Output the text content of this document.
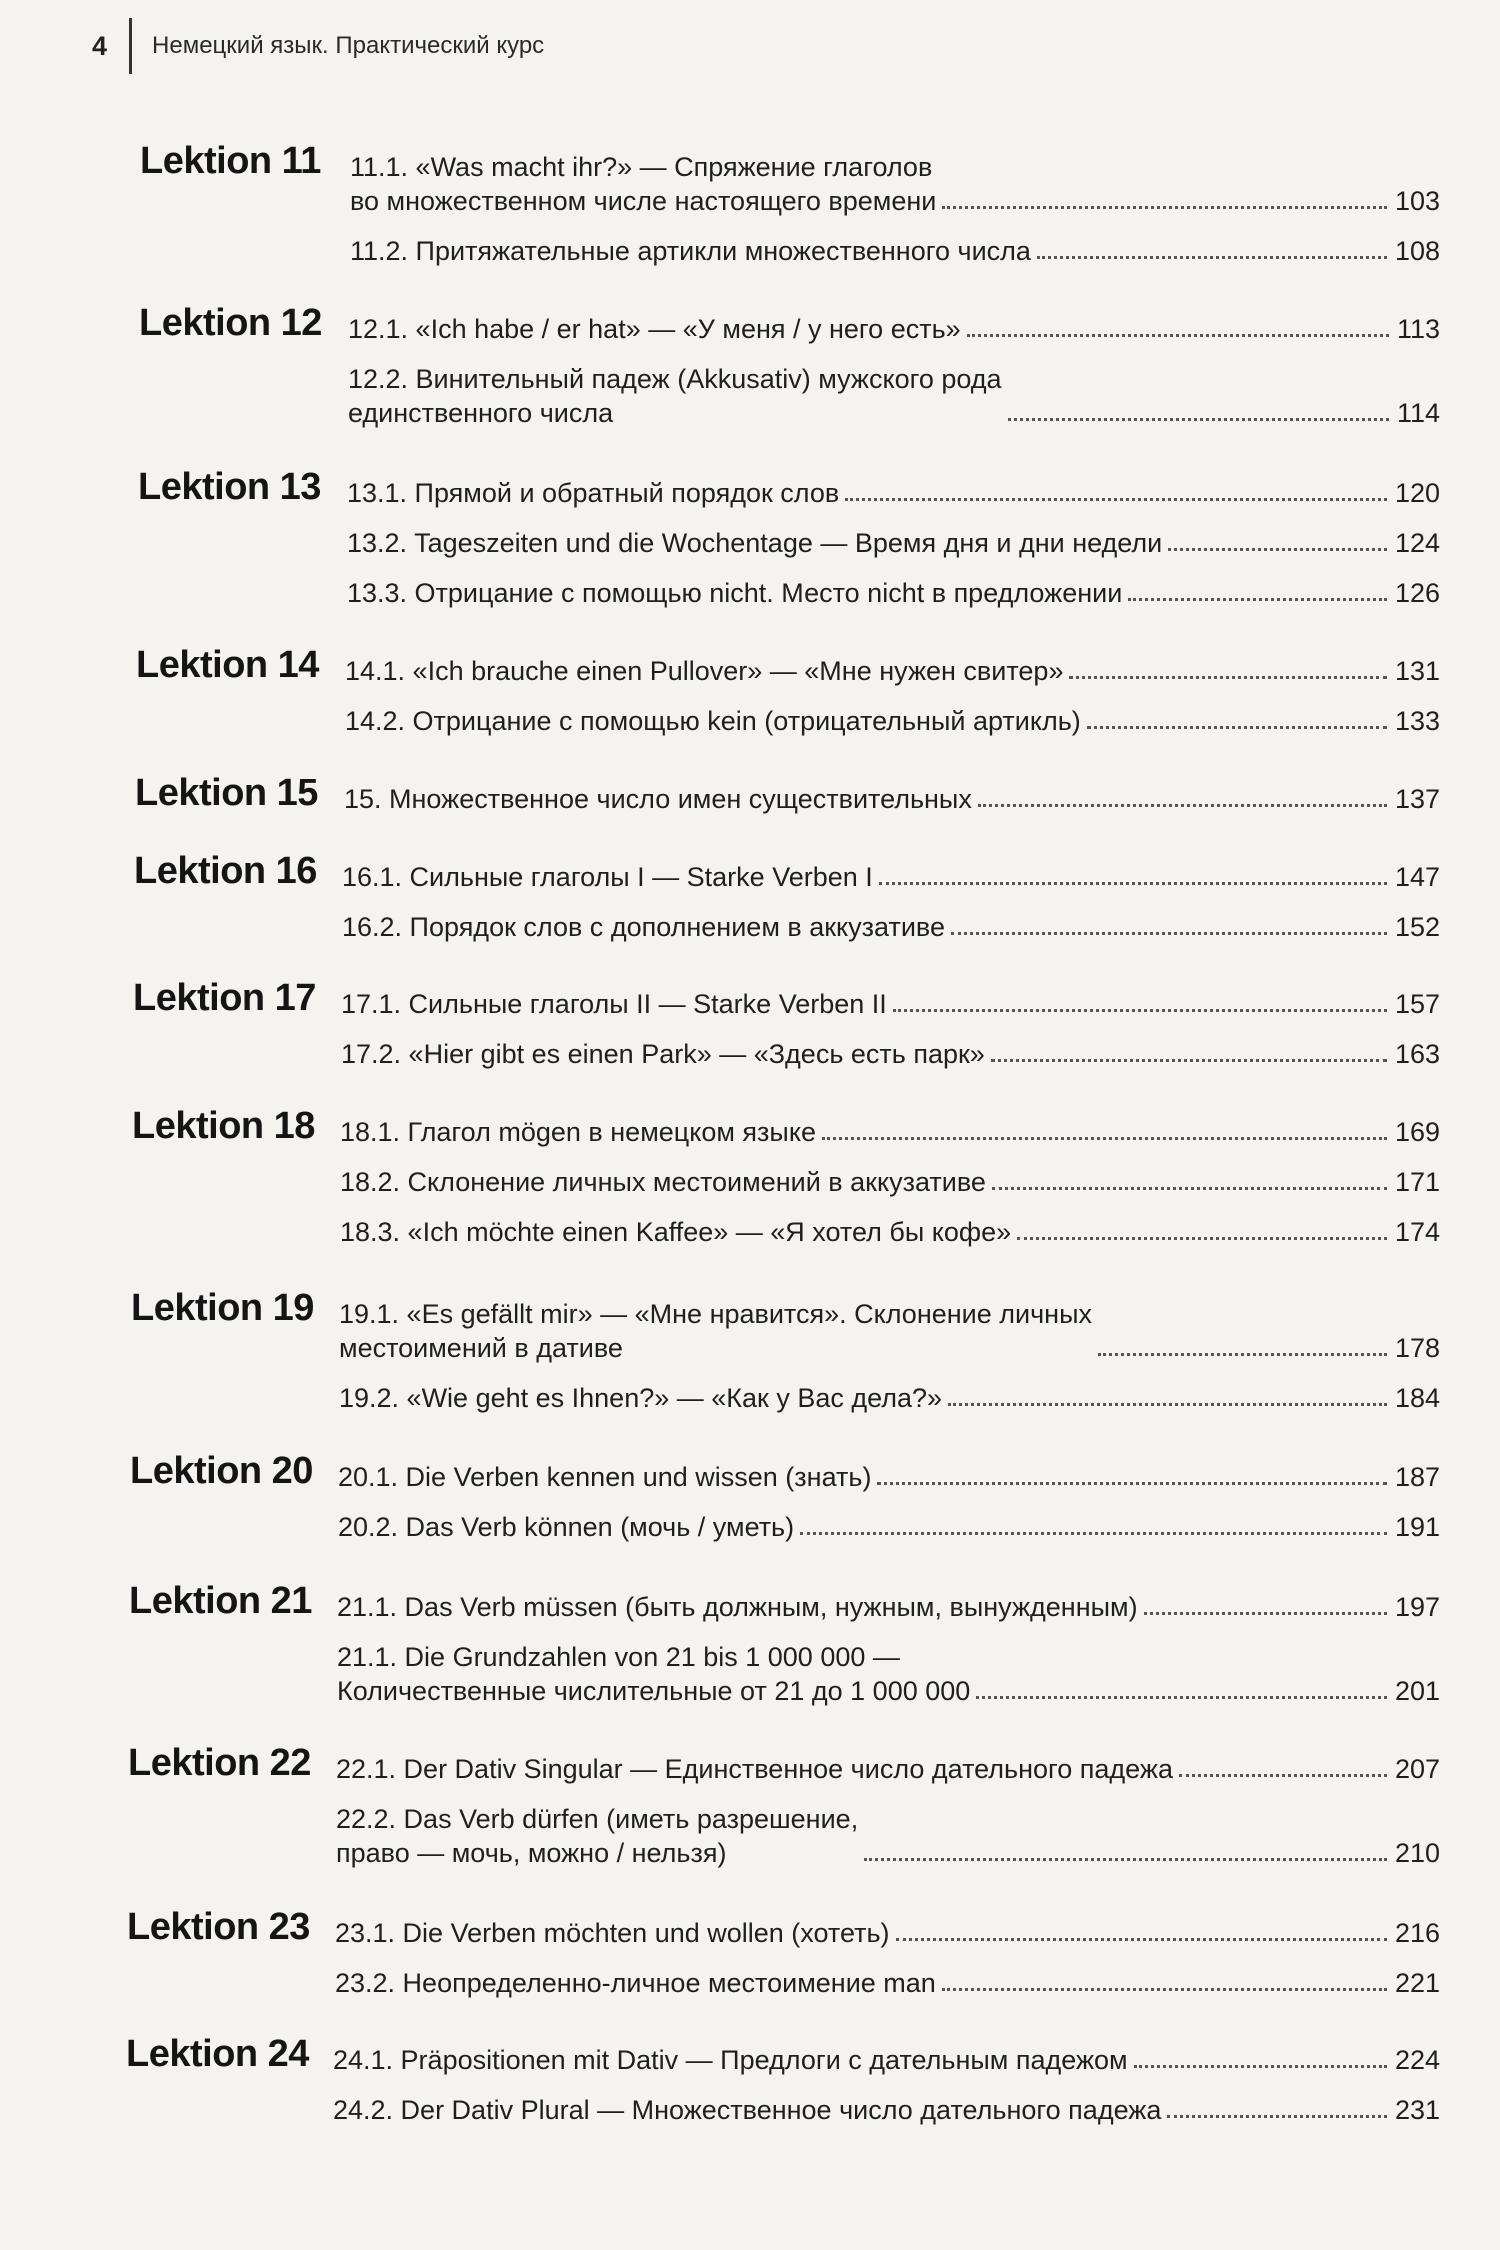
4 Немецкий язык. Практический курс
Lektion 11 11.1. «Was macht ihr?» — Спряжение глаголов
во множественном числе настоящего времени	103
11.2. Притяжательные артикли множественного числа	108
Lektion 12 12.1. «Ich habe / er hat» — «У меня / у него есть»	113
12.2. Винительный падеж (Akkusativ) мужского рода
единственного числа	114
Lektion 13 13.1. Прямой и обратный порядок слов	120
13.2. Tageszeiten und die Wochentage — Время дня и дни недели	124
13.3. Отрицание с помощью nicht. Место nicht в предложении	126
Lektion 14 14.1. «Ich brauche einen Pullover» — «Мне нужен свитер»	131
14.2. Отрицание с помощью kein (отрицательный артикль)	133
Lektion 15 15. Множественное число имен существительных	137
Lektion 16 16.1. Сильные глаголы I — Starke Verben I	147
16.2. Порядок слов с дополнением в аккузативе	152
Lektion 17 17.1. Сильные глаголы II — Starke Verben II	157
17.2. «Hier gibt es einen Park» — «Здесь есть парк»	163
Lektion 18 18.1. Глагол mögen в немецком языке	169
18.2. Склонение личных местоимений в аккузативе	171
18.3. «Ich möchte einen Kaffee» — «Я хотел бы кофе»	174
Lektion 19 19.1. «Es gefällt mir» — «Мне нравится». Склонение личных
местоимений в дативе	178
19.2. «Wie geht es Ihnen?» — «Как у Вас дела?»	184
Lektion 20 20.1. Die Verben kennen und wissen (знать)	187
20.2. Das Verb können (мочь / уметь)	191
Lektion 21 21.1. Das Verb müssen (быть должным, нужным, вынужденным)	197
21.1. Die Grundzahlen von 21 bis 1 000 000 —
Количественные числительные от 21 до 1 000 000	201
Lektion 22 22.1. Der Dativ Singular — Единственное число дательного падежа	207
22.2. Das Verb dürfen (иметь разрешение,
право — мочь, можно / нельзя)	210
Lektion 23 23.1. Die Verben möchten und wollen (хотеть)	216
23.2. Неопределенно-личное местоимение man	221
Lektion 24 24.1. Präpositionen mit Dativ — Предлоги с дательным падежом	224
24.2. Der Dativ Plural — Множественное число дательного падежа	231
